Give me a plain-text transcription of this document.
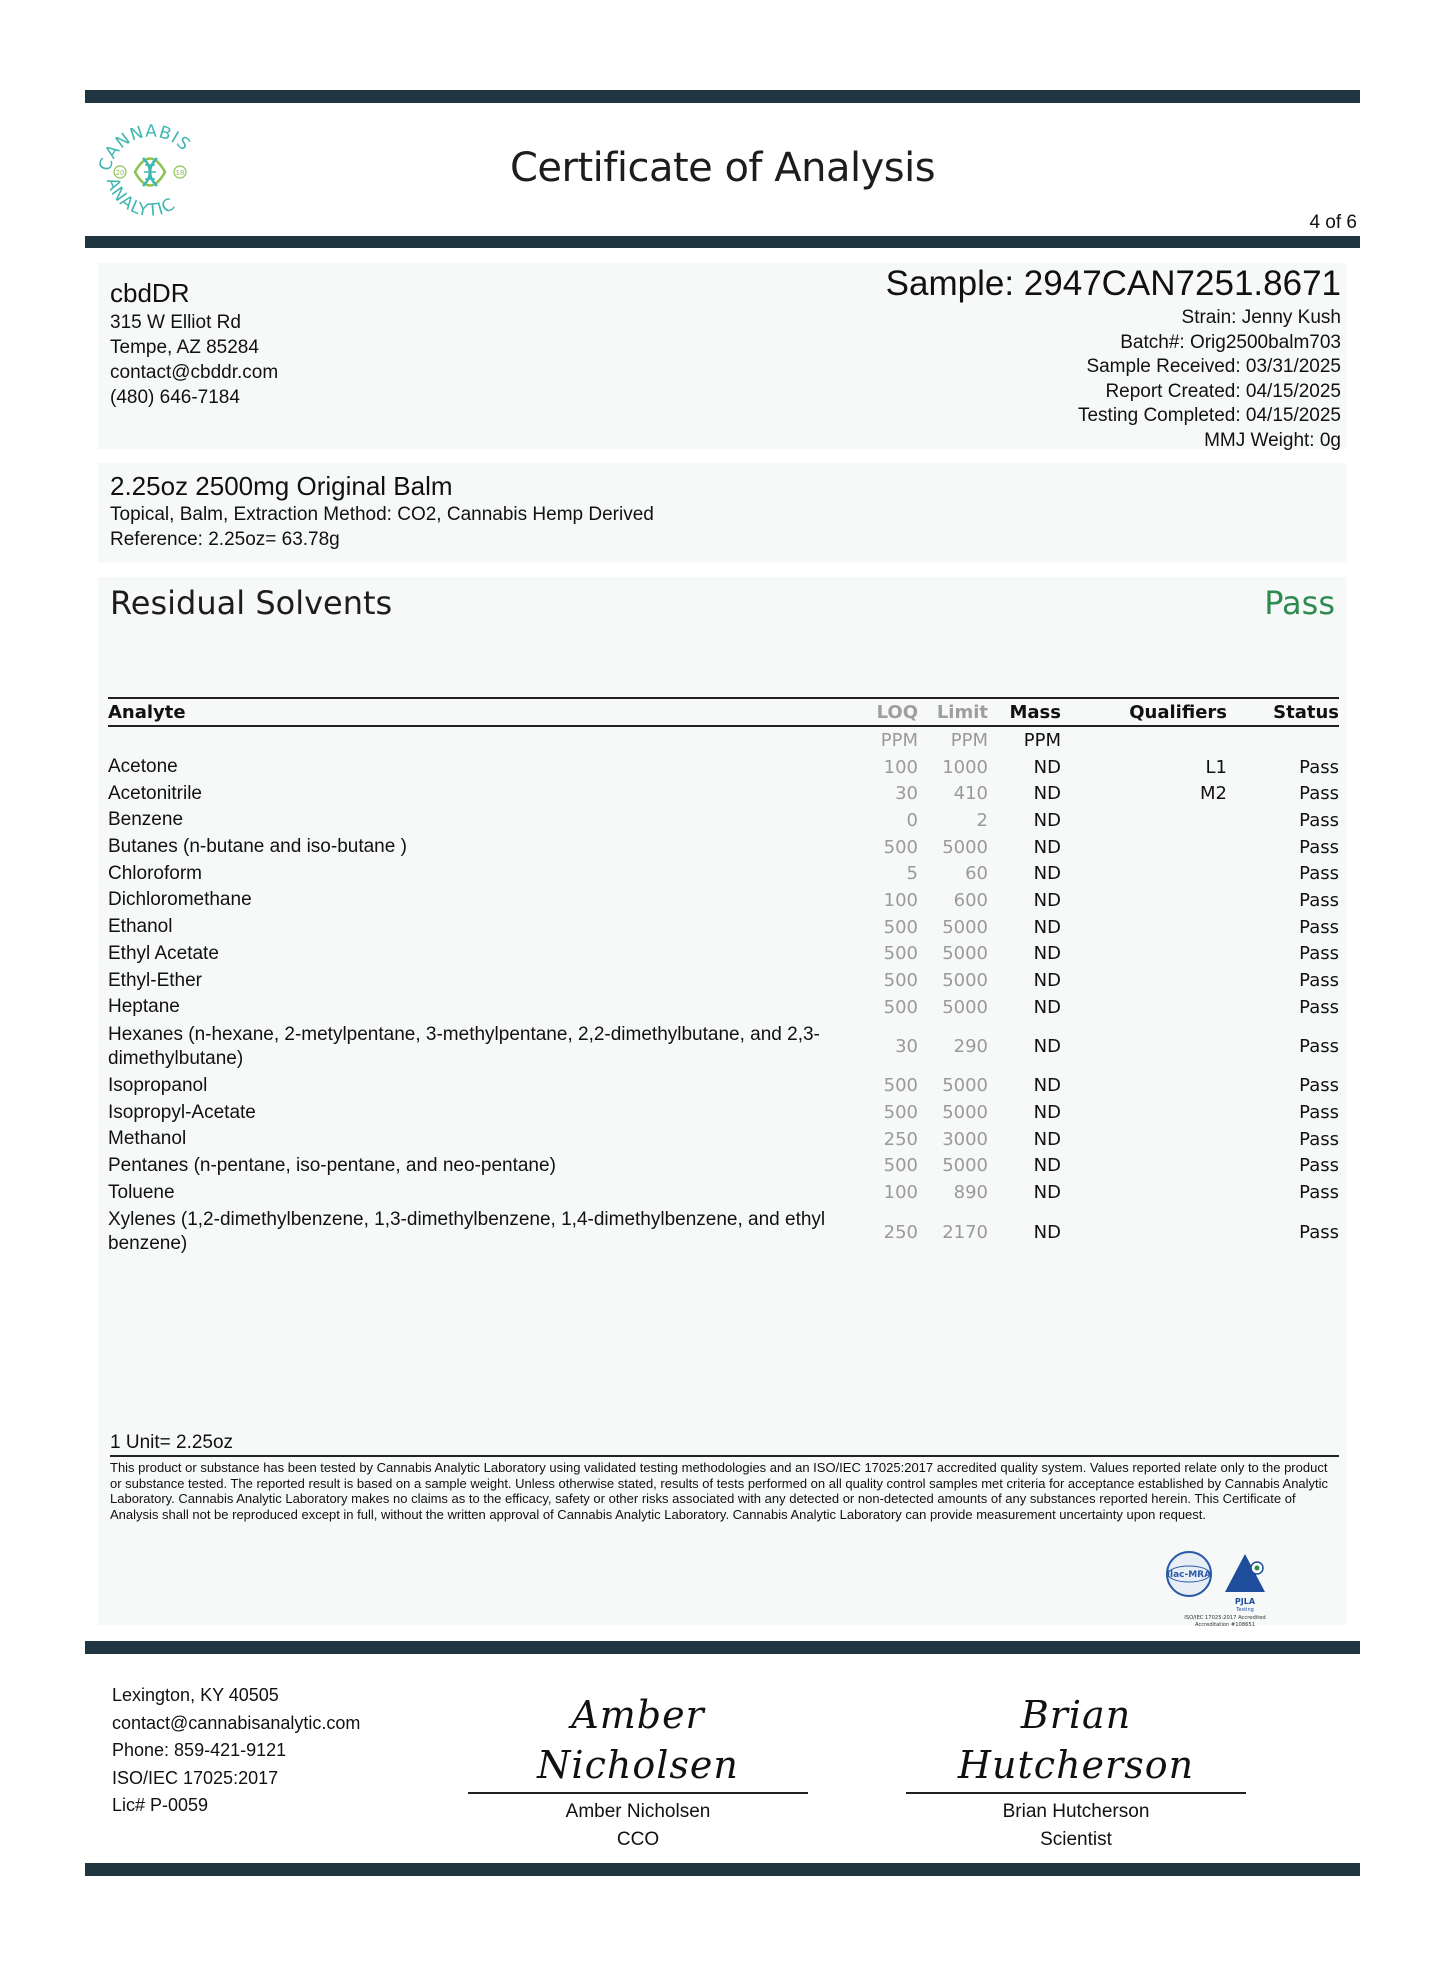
CANNABIS
ANALYTIC
20	18	Certificate of Analysis
4 of 6
cbdDR
315 W Elliot Rd
Tempe, AZ 85284
contact@cbddr.com
(480) 646-7184
Sample: 2947CAN7251.8671
Strain: Jenny Kush
Batch#: Orig2500balm703
Sample Received: 03/31/2025
Report Created: 04/15/2025
Testing Completed: 04/15/2025
MMJ Weight: 0g
2.25oz 2500mg Original Balm
Topical, Balm, Extraction Method: CO2, Cannabis Hemp Derived
Reference: 2.25oz= 63.78g
Residual Solvents	Pass
Analyte	LOQ	Limit	Mass	Qualifiers	Status
	PPM	PPM	PPM		
Acetone	100	1000	ND	L1	Pass
Acetonitrile	30	410	ND	M2	Pass
Benzene	0	2	ND		Pass
Butanes (n-butane and iso-butane )	500	5000	ND		Pass
Chloroform	5	60	ND		Pass
Dichloromethane	100	600	ND		Pass
Ethanol	500	5000	ND		Pass
Ethyl Acetate	500	5000	ND		Pass
Ethyl-Ether	500	5000	ND		Pass
Heptane	500	5000	ND		Pass
Hexanes (n-hexane, 2-metylpentane, 3-methylpentane, 2,2-dimethylbutane, and 2,3-dimethylbutane)	30	290	ND		Pass
Isopropanol	500	5000	ND		Pass
Isopropyl-Acetate	500	5000	ND		Pass
Methanol	250	3000	ND		Pass
Pentanes (n-pentane, iso-pentane, and neo-pentane)	500	5000	ND		Pass
Toluene	100	890	ND		Pass
Xylenes (1,2-dimethylbenzene, 1,3-dimethylbenzene, 1,4-dimethylbenzene, and ethyl benzene)	250	2170	ND		Pass
1 Unit= 2.25oz
This product or substance has been tested by Cannabis Analytic Laboratory using validated testing methodologies and an ISO/IEC 17025:2017 accredited quality system. Values reported relate only to the product or substance tested. The reported result is based on a sample weight. Unless otherwise stated, results of tests performed on all quality control samples met criteria for acceptance established by Cannabis Analytic Laboratory. Cannabis Analytic Laboratory makes no claims as to the efficacy, safety or other risks associated with any detected or non-detected amounts of any substances reported herein. This Certificate of Analysis shall not be reproduced except in full, without the written approval of Cannabis Analytic Laboratory. Cannabis Analytic Laboratory can provide measurement uncertainty upon request.
ilac-MRA
PJLA
Testing
ISO/IEC 17025:2017 Accredited
Accreditation #108651
Lexington, KY 40505
contact@cannabisanalytic.com
Phone: 859-421-9121
ISO/IEC 17025:2017
Lic# P-0059
Amber Nicholsen
Amber Nicholsen
CCO
Brian Hutcherson
Brian Hutcherson
Scientist
